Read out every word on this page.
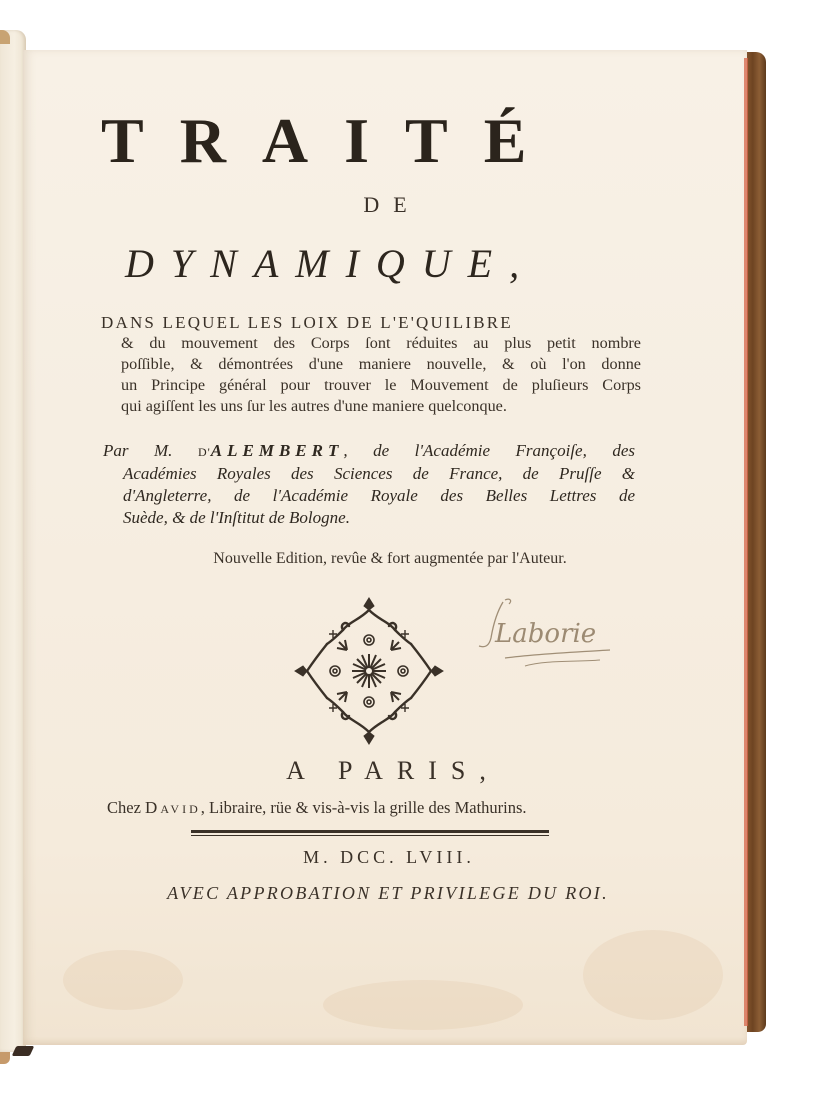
TRAITÉ
DE
DYNAMIQUE,
DANS LEQUEL LES LOIX DE L'E'QUILIBRE
& du mouvement des Corps ſont réduites au plus petit nombre
poſſible, & démontrées d'une maniere nouvelle, & où l'on donne
un Principe général pour trouver le Mouvement de pluſieurs Corps
qui agiſſent les uns ſur les autres d'une maniere quelconque.
Par M. D'ALEMBERT, de l'Académie Françoiſe, des
Académies Royales des Sciences de France, de Pruſſe &
d'Angleterre, de l'Académie Royale des Belles Lettres de
Suède, & de l'Inſtitut de Bologne.
Nouvelle Edition, revûe & fort augmentée par l'Auteur.
Laborie
A PARIS,
Chez DAVID, Libraire, rüe & vis-à-vis la grille des Mathurins.
M. DCC. LVIII.
AVEC APPROBATION ET PRIVILEGE DU ROI.
